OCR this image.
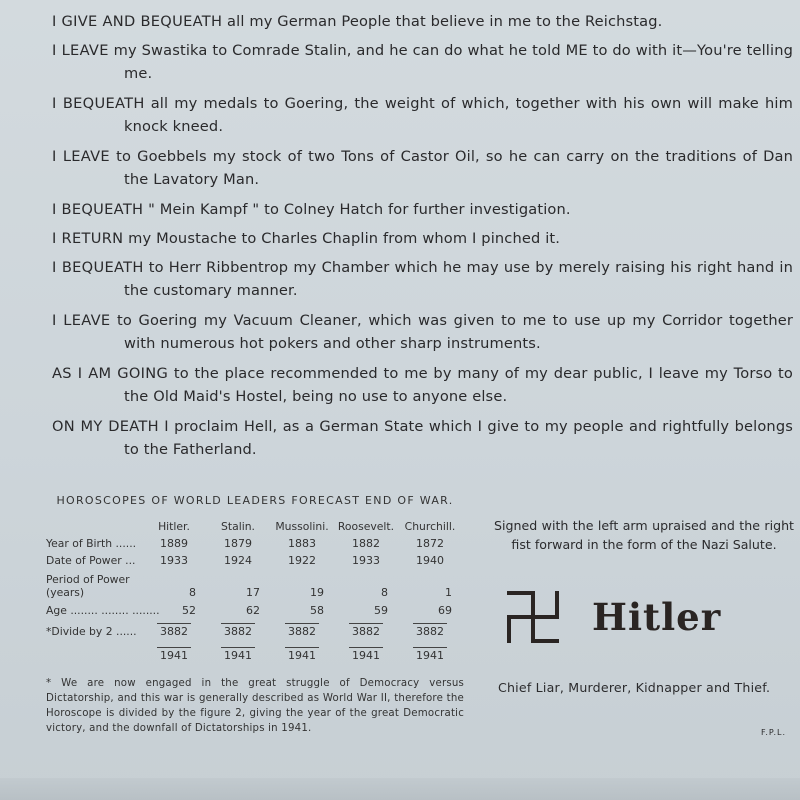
I GIVE AND BEQUEATH all my German People that believe in me to the Reichstag.
I LEAVE my Swastika to Comrade Stalin, and he can do what he told ME to do with it—You're telling me.
I BEQUEATH all my medals to Goering, the weight of which, together with his own will make him knock kneed.
I LEAVE to Goebbels my stock of two Tons of Castor Oil, so he can carry on the traditions of Dan the Lavatory Man.
I BEQUEATH " Mein Kampf " to Colney Hatch for further investigation.
I RETURN my Moustache to Charles Chaplin from whom I pinched it.
I BEQUEATH to Herr Ribbentrop my Chamber which he may use by merely raising his right hand in the customary manner.
I LEAVE to Goering my Vacuum Cleaner, which was given to me to use up my Corridor together with numerous hot pokers and other sharp instruments.
AS I AM GOING to the place recommended to me by many of my dear public, I leave my Torso to the Old Maid's Hostel, being no use to anyone else.
ON MY DEATH I proclaim Hell, as a German State which I give to my people and rightfully belongs to the Fatherland.
HOROSCOPES OF WORLD LEADERS FORECAST END OF WAR.
Hitler.	Stalin.	Mussolini. Roosevelt. Churchill.
Year of Birth ......	1889	1879	1883	1882	1872
Date of Power ...	1933	1924	1922	1933	1940
Period of Power (years)	8	17	19	8	1
Age ........ ........ ........	52	62	58	59	69
*Divide by 2 ......	3882	3882	3882	3882	3882
1941	1941	1941	1941	1941
* We are now engaged in the great struggle of Democracy versus Dictatorship, and this war is generally described as World War II, therefore the Horoscope is divided by the figure 2, giving the year of the great Democratic victory, and the downfall of Dictatorships in 1941.
Signed with the left arm upraised and the right fist forward in the form of the Nazi Salute.
Hitler
Chief Liar, Murderer, Kidnapper and Thief.
F.P.L.
